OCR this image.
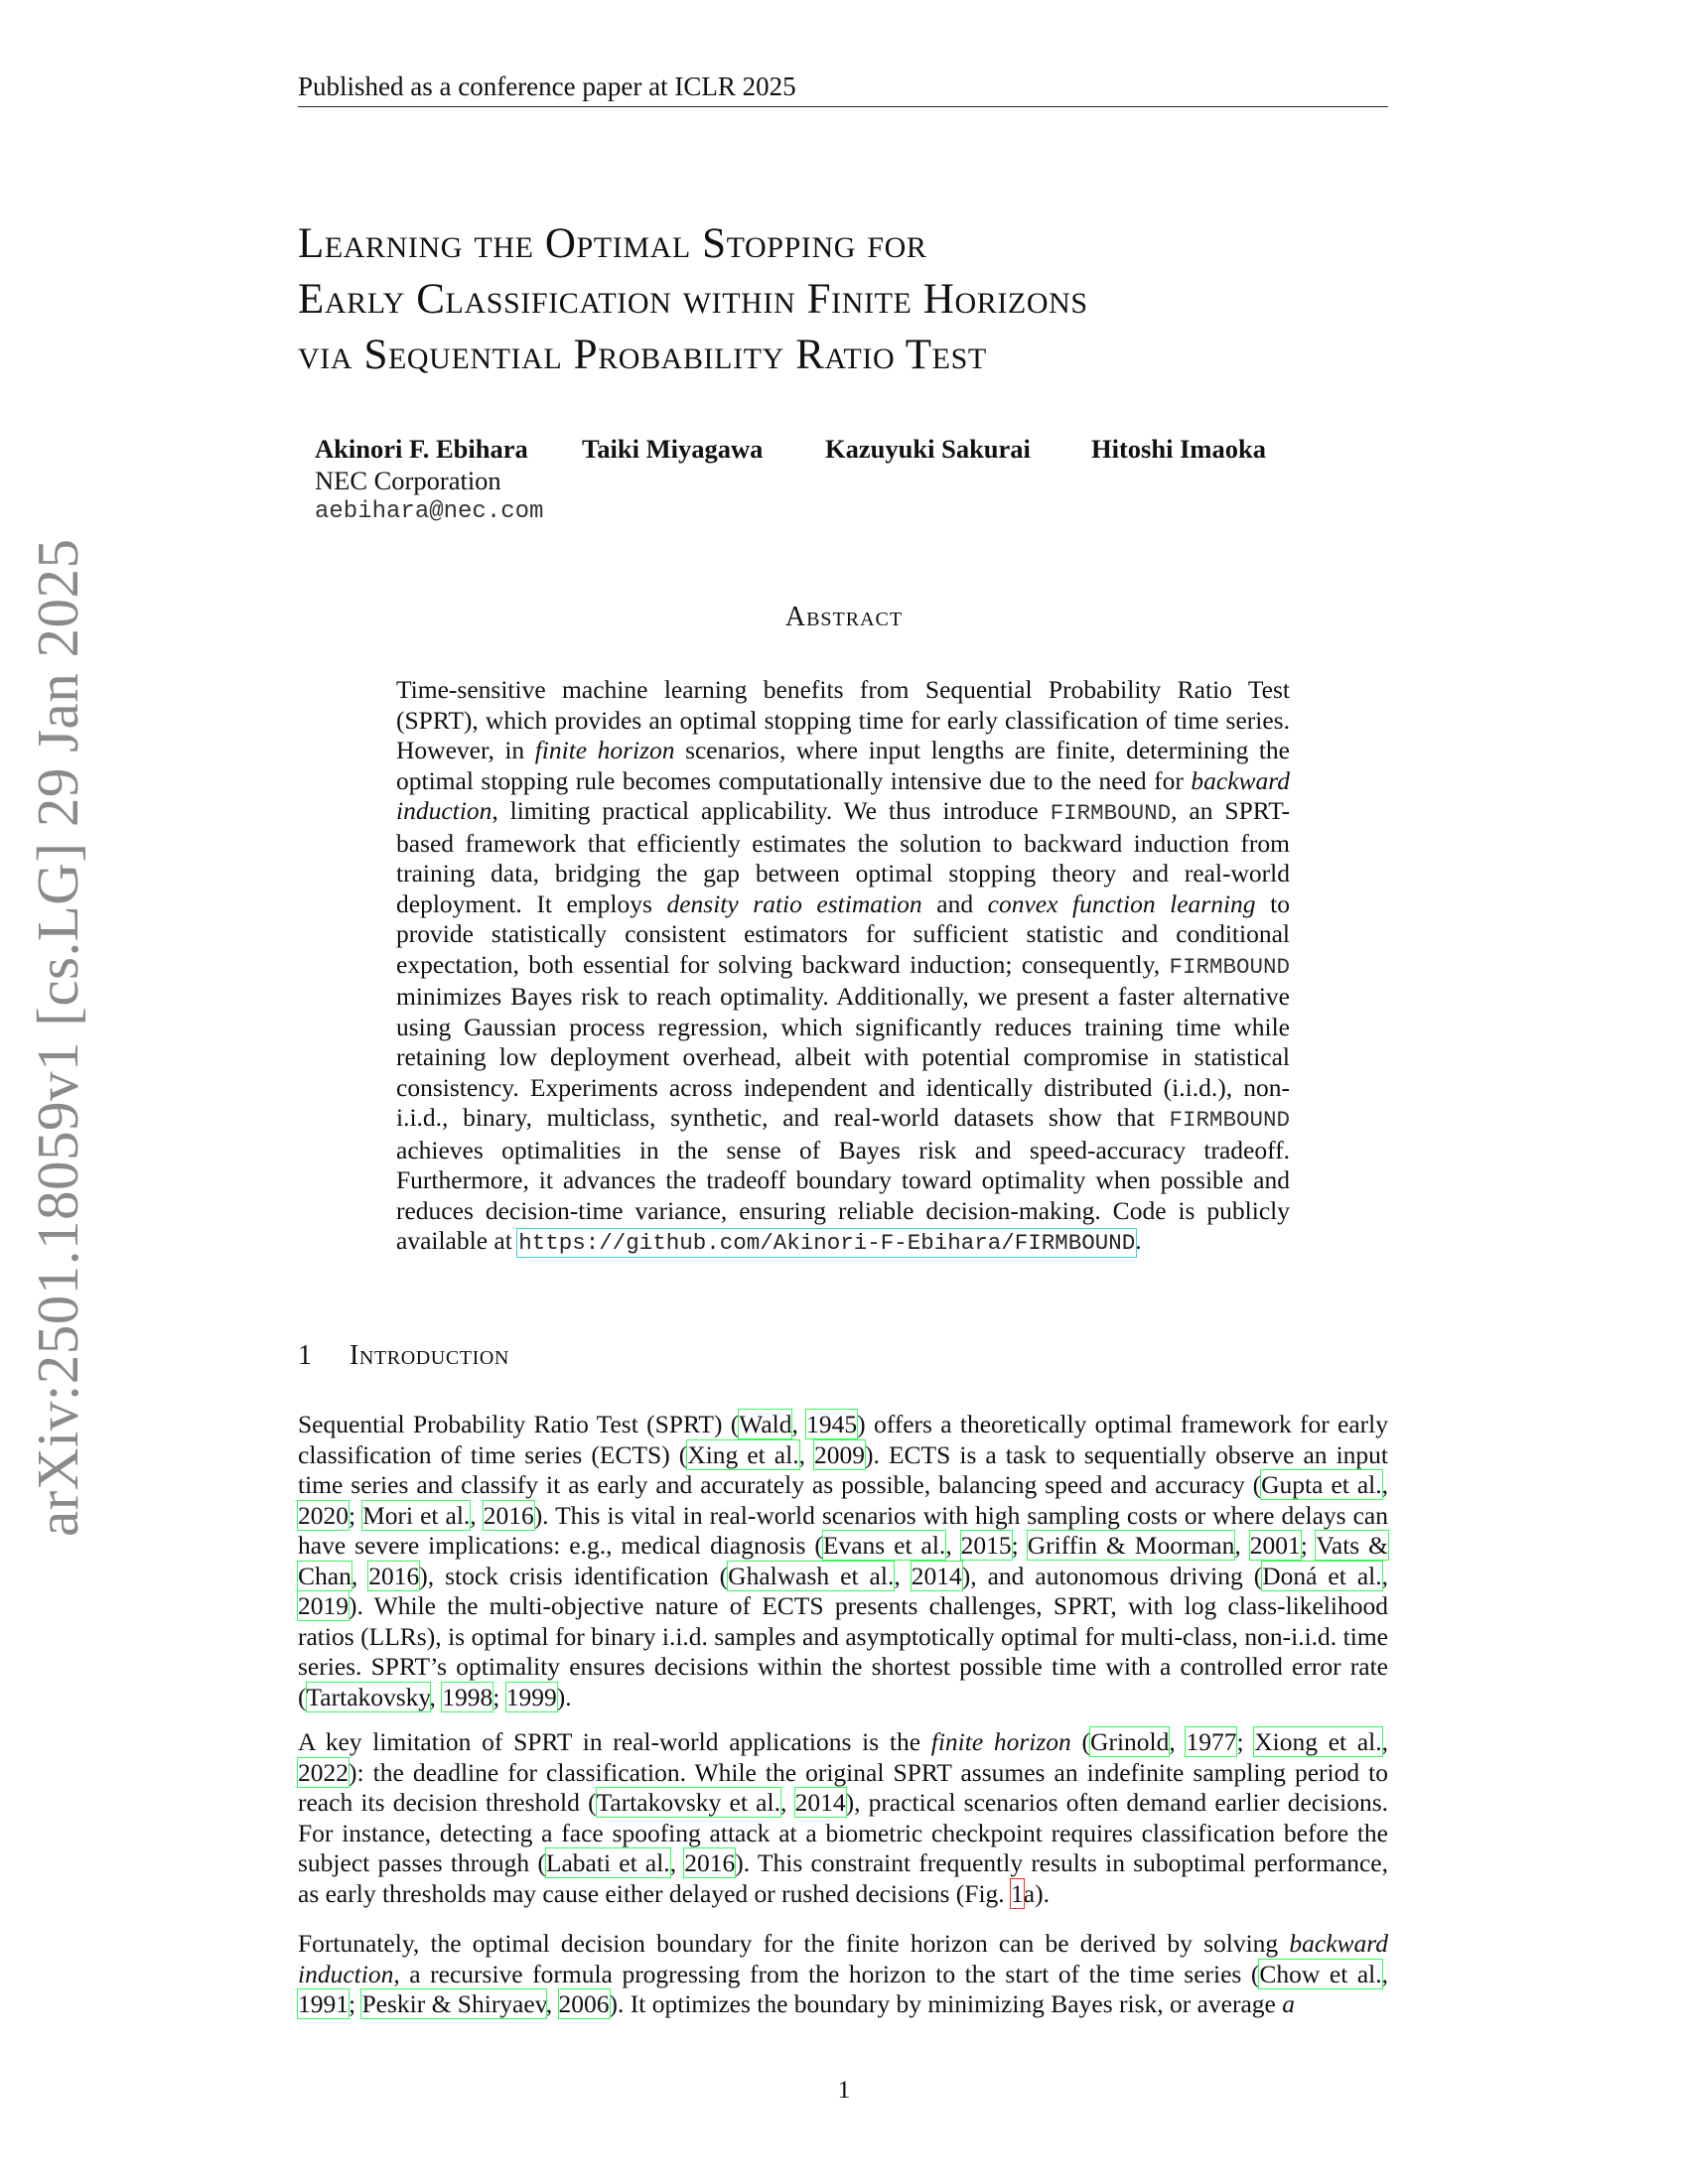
Published as a conference paper at ICLR 2025
arXiv:2501.18059v1 [cs.LG] 29 Jan 2025
Learning the Optimal Stopping for
Early Classification within Finite Horizons
via Sequential Probability Ratio Test
Akinori F. Ebihara	Taiki Miyagawa	Kazuyuki Sakurai	Hitoshi Imaoka
NEC Corporation
aebihara@nec.com
Abstract

Time-sensitive machine learning benefits from Sequential Probability Ratio Test (SPRT), which provides an optimal stopping time for early classification of time series. However, in finite horizon scenarios, where input lengths are finite, determining the optimal stopping rule becomes computationally intensive due to the need for backward induction, limiting practical applicability. We thus introduce FIRMBOUND, an SPRT-based framework that efficiently estimates the solution to backward induction from training data, bridging the gap between optimal stopping theory and real-world deployment. It employs density ratio estimation and convex function learning to provide statistically consistent estimators for sufficient statistic and conditional expectation, both essential for solving backward induction; consequently, FIRMBOUND minimizes Bayes risk to reach optimality. Additionally, we present a faster alternative using Gaussian process regression, which significantly reduces training time while retaining low deployment overhead, albeit with potential compromise in statistical consistency. Experiments across independent and identically distributed (i.i.d.), non-i.i.d., binary, multiclass, synthetic, and real-world datasets show that FIRMBOUND achieves optimalities in the sense of Bayes risk and speed-accuracy tradeoff. Furthermore, it advances the tradeoff boundary toward optimality when possible and reduces decision-time variance, ensuring reliable decision-making. Code is publicly available at https://github.com/Akinori-F-Ebihara/FIRMBOUND.

1 Introduction

Sequential Probability Ratio Test (SPRT) (Wald, 1945) offers a theoretically optimal framework for early classification of time series (ECTS) (Xing et al., 2009). ECTS is a task to sequentially observe an input time series and classify it as early and accurately as possible, balancing speed and accuracy (Gupta et al., 2020; Mori et al., 2016). This is vital in real-world scenarios with high sampling costs or where delays can have severe implications: e.g., medical diagnosis (Evans et al., 2015; Griffin & Moorman, 2001; Vats & Chan, 2016), stock crisis identification (Ghalwash et al., 2014), and autonomous driving (Doná et al., 2019). While the multi-objective nature of ECTS presents challenges, SPRT, with log class-likelihood ratios (LLRs), is optimal for binary i.i.d. samples and asymptotically optimal for multi-class, non-i.i.d. time series. SPRT’s optimality ensures decisions within the shortest possible time with a controlled error rate (Tartakovsky, 1998; 1999).

A key limitation of SPRT in real-world applications is the finite horizon (Grinold, 1977; Xiong et al., 2022): the deadline for classification. While the original SPRT assumes an indefinite sampling period to reach its decision threshold (Tartakovsky et al., 2014), practical scenarios often demand earlier decisions. For instance, detecting a face spoofing attack at a biometric checkpoint requires classification before the subject passes through (Labati et al., 2016). This constraint frequently results in suboptimal performance, as early thresholds may cause either delayed or rushed decisions (Fig. 1a).

Fortunately, the optimal decision boundary for the finite horizon can be derived by solving backward induction, a recursive formula progressing from the horizon to the start of the time series (Chow et al., 1991; Peskir & Shiryaev, 2006). It optimizes the boundary by minimizing Bayes risk, or average a

1
